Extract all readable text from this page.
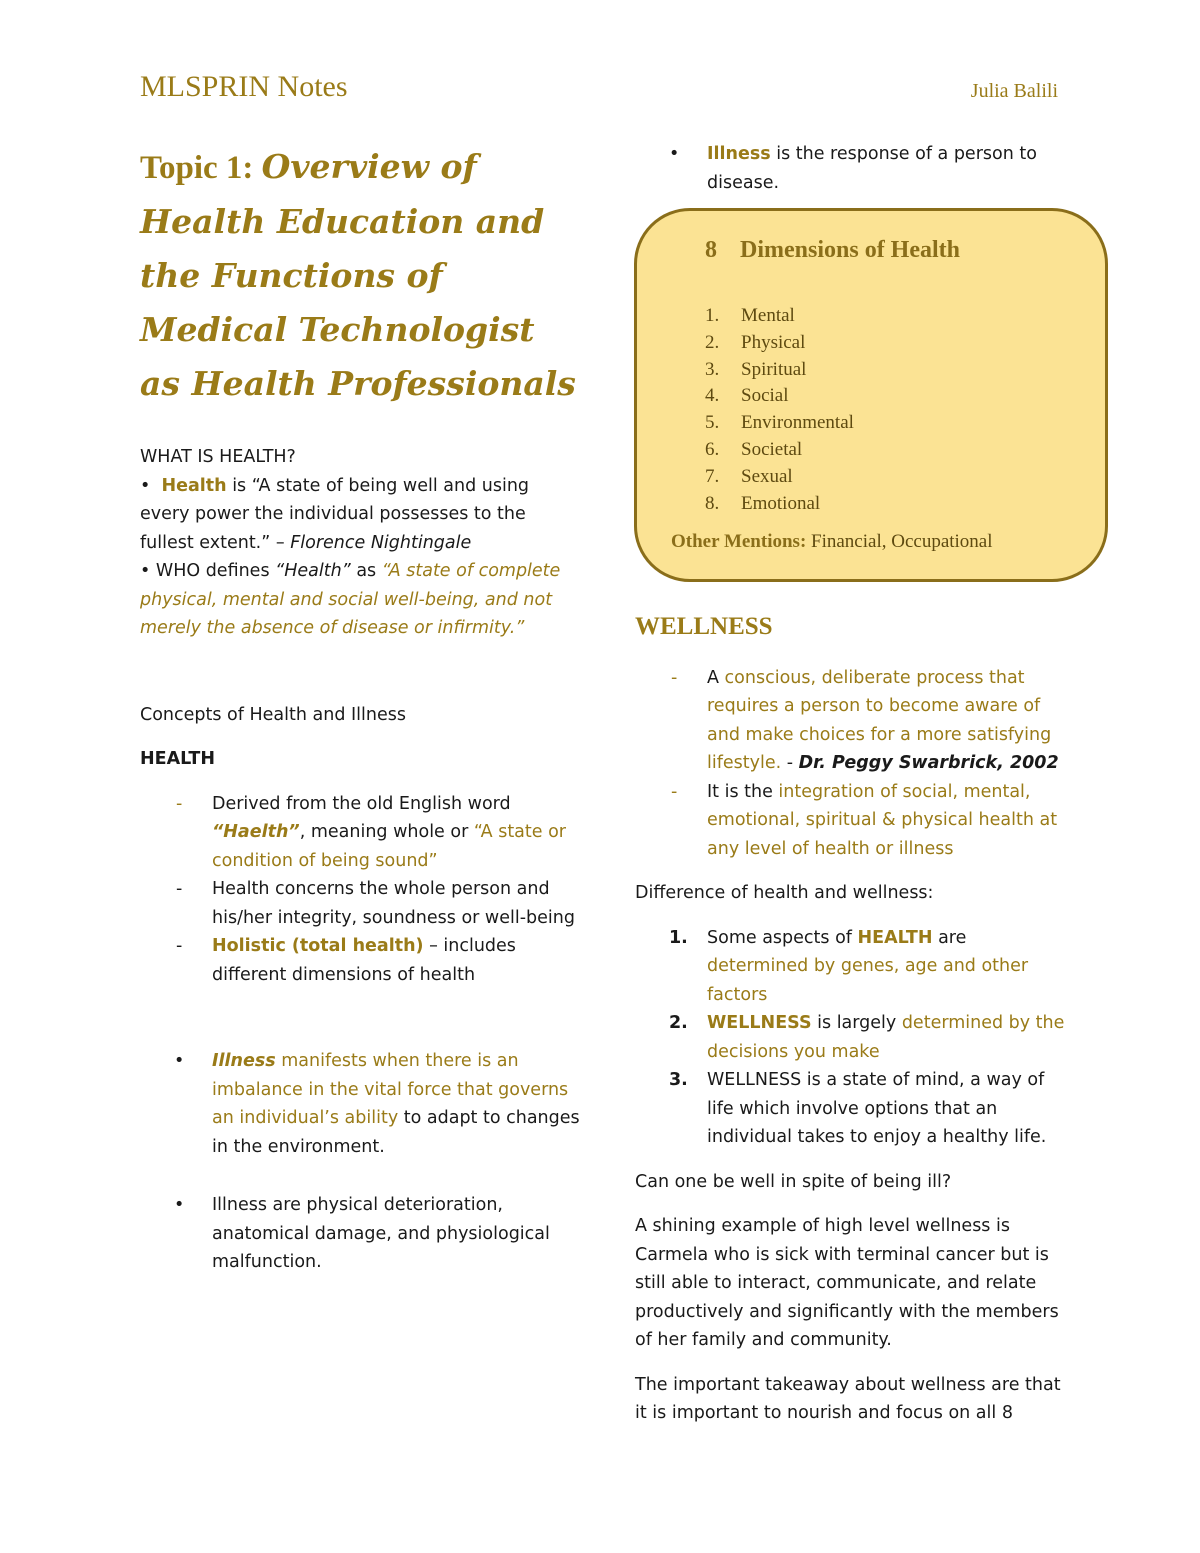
MLSPRIN Notes	Julia Balili
Topic 1: Overview of Health Education and the Functions of Medical Technologist as Health Professionals

WHAT IS HEALTH?

• Health is “A state of being well and using every power the individual possesses to the fullest extent.” – Florence Nightingale

• WHO defines “Health” as “A state of complete physical, mental and social well-being, and not merely the absence of disease or infirmity.”

Concepts of Health and Illness

HEALTH

- Derived from the old English word “Haelth”, meaning whole or “A state or condition of being sound”
- Health concerns the whole person and his/her integrity, soundness or well-being
- Holistic (total health) – includes different dimensions of health
• Illness manifests when there is an imbalance in the vital force that governs an individual’s ability to adapt to changes in the environment.
• Illness are physical deterioration, anatomical damage, and physiological malfunction.
• Illness is the response of a person to disease.
WELLNESS
- A conscious, deliberate process that requires a person to become aware of and make choices for a more satisfying lifestyle. - Dr. Peggy Swarbrick, 2002
- It is the integration of social, mental, emotional, spiritual & physical health at any level of health or illness

Difference of health and wellness:

1. Some aspects of HEALTH are determined by genes, age and other factors
2. WELLNESS is largely determined by the decisions you make
3. WELLNESS is a state of mind, a way of life which involve options that an individual takes to enjoy a healthy life.

Can one be well in spite of being ill?

A shining example of high level wellness is Carmela who is sick with terminal cancer but is still able to interact, communicate, and relate productively and significantly with the members of her family and community.

The important takeaway about wellness are that it is important to nourish and focus on all 8

8 Dimensions of Health
1. Mental
2. Physical
3. Spiritual
4. Social
5. Environmental
6. Societal
7. Sexual
8. Emotional
Other Mentions: Financial, Occupational
